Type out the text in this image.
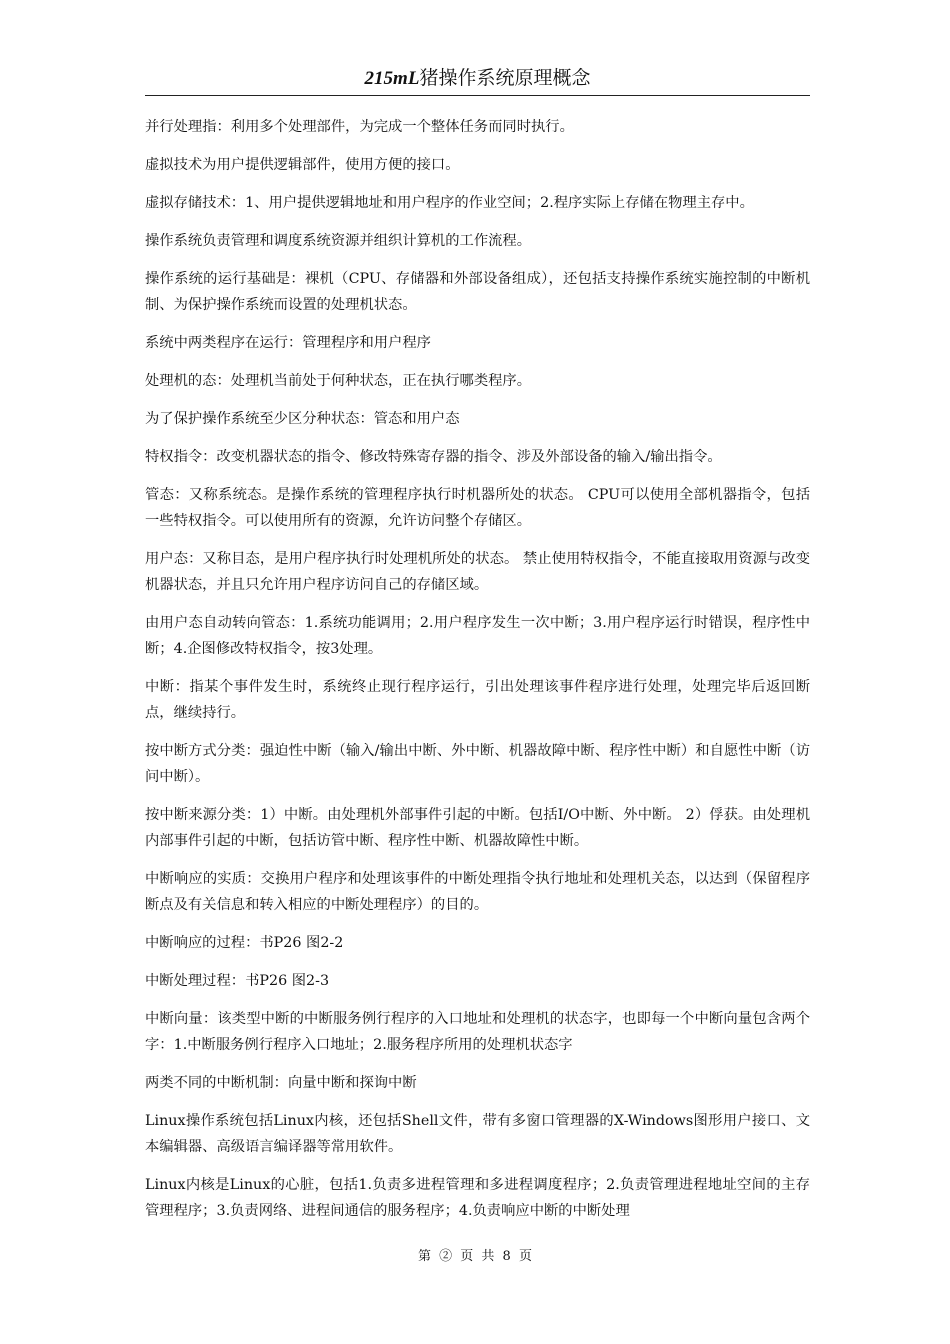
215mL猪操作系统原理概念

并行处理指：利用多个处理部件，为完成一个整体任务而同时执行。

虚拟技术为用户提供逻辑部件，使用方便的接口。

虚拟存储技术：1、用户提供逻辑地址和用户程序的作业空间；2.程序实际上存储在物理主存中。

操作系统负责管理和调度系统资源并组织计算机的工作流程。

操作系统的运行基础是：裸机（CPU、存储器和外部设备组成），还包括支持操作系统实施控制的中断机制、为保护操作系统而设置的处理机状态。

系统中两类程序在运行：管理程序和用户程序

处理机的态：处理机当前处于何种状态，正在执行哪类程序。

为了保护操作系统至少区分种状态：管态和用户态

特权指令：改变机器状态的指令、修改特殊寄存器的指令、涉及外部设备的输入/输出指令。

管态：又称系统态。是操作系统的管理程序执行时机器所处的状态。 CPU可以使用全部机器指令，包括一些特权指令。可以使用所有的资源，允许访问整个存储区。

用户态：又称目态，是用户程序执行时处理机所处的状态。 禁止使用特权指令，不能直接取用资源与改变机器状态，并且只允许用户程序访问自己的存储区域。

由用户态自动转向管态：1.系统功能调用；2.用户程序发生一次中断；3.用户程序运行时错误，程序性中断；4.企图修改特权指令，按3处理。

中断：指某个事件发生时，系统终止现行程序运行，引出处理该事件程序进行处理，处理完毕后返回断点，继续持行。

按中断方式分类：强迫性中断（输入/输出中断、外中断、机器故障中断、程序性中断）和自愿性中断（访问中断）。

按中断来源分类：1）中断。由处理机外部事件引起的中断。包括I/O中断、外中断。 2）俘获。由处理机内部事件引起的中断，包括访管中断、程序性中断、机器故障性中断。

中断响应的实质：交换用户程序和处理该事件的中断处理指令执行地址和处理机关态，以达到（保留程序断点及有关信息和转入相应的中断处理程序）的目的。

中断响应的过程：书P26 图2-2

中断处理过程：书P26 图2-3

中断向量：该类型中断的中断服务例行程序的入口地址和处理机的状态字，也即每一个中断向量包含两个字：1.中断服务例行程序入口地址；2.服务程序所用的处理机状态字

两类不同的中断机制：向量中断和探询中断

Linux操作系统包括Linux内核，还包括Shell文件，带有多窗口管理器的X-Windows图形用户接口、文本编辑器、高级语言编译器等常用软件。

Linux内核是Linux的心脏，包括1.负责多进程管理和多进程调度程序；2.负责管理进程地址空间的主存管理程序；3.负责网络、进程间通信的服务程序；4.负责响应中断的中断处理

第 ② 页 共 8 页
